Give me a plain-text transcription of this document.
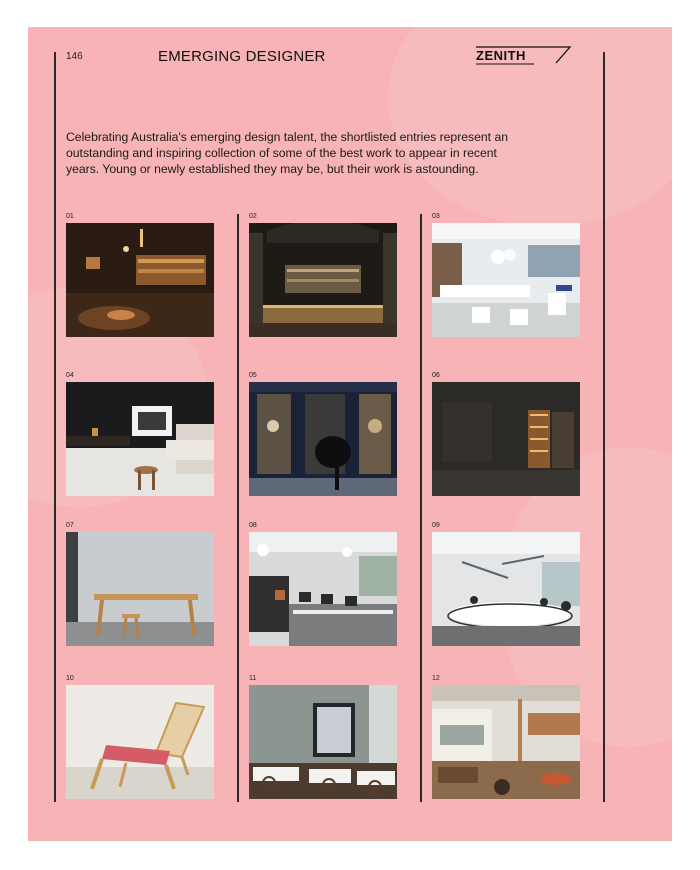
146	EMERGING DESIGNER	ZENITH
Celebrating Australia's emerging design talent, the shortlisted entries represent an outstanding and inspiring collection of some of the best work to appear in recent years. Young or newly established they may be, but their work is astounding.
01	02	03
04	05	06
07	08	09
10	11	12
